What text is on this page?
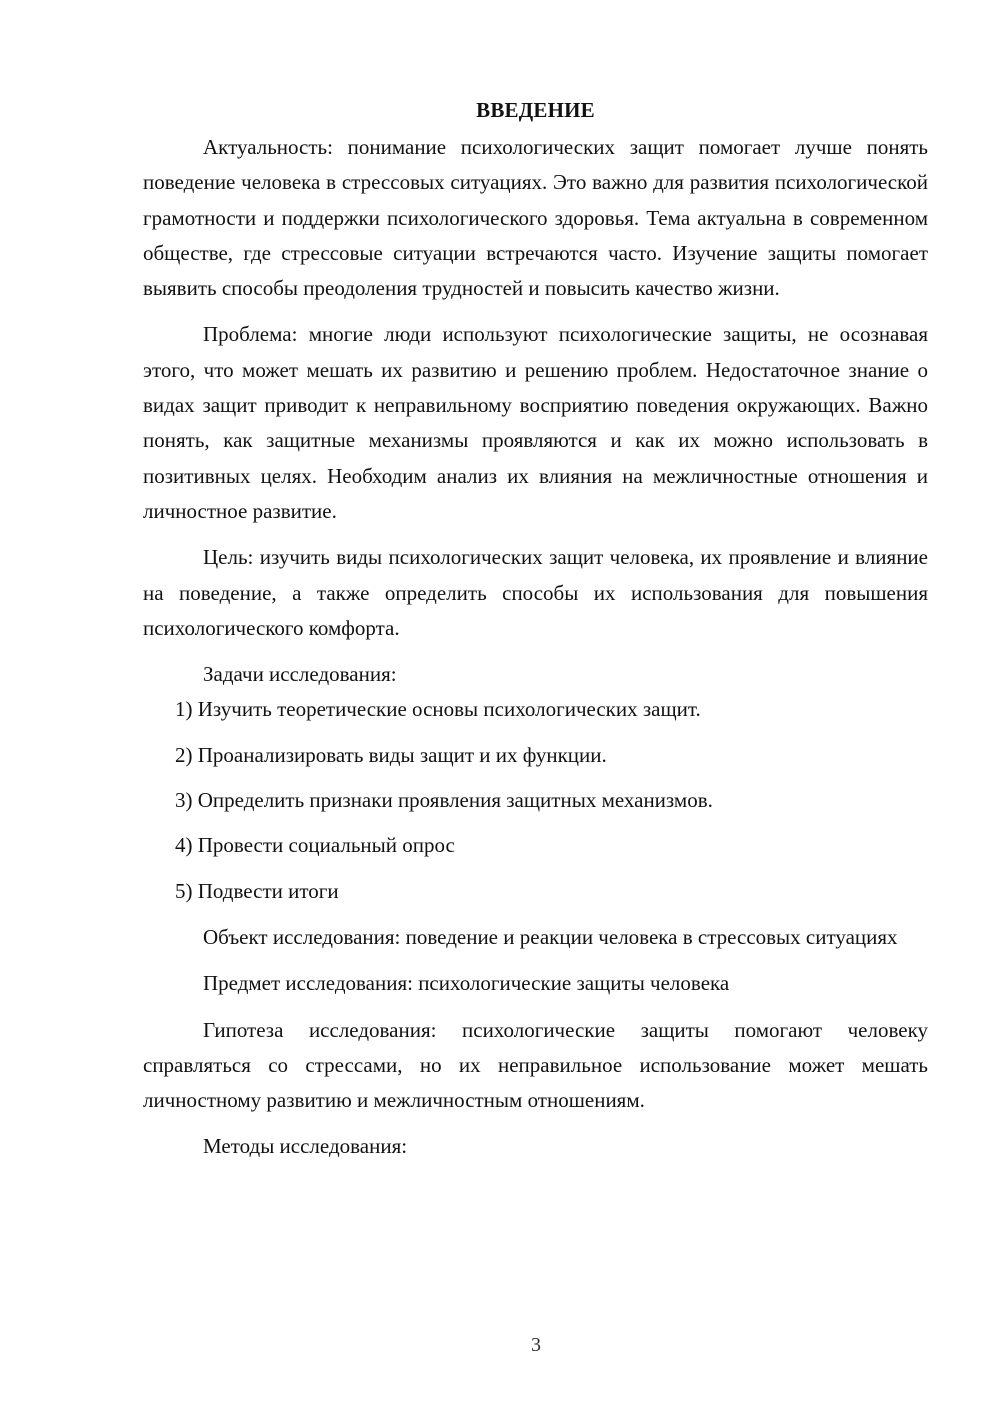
ВВЕДЕНИЕ

Актуальность: понимание психологических защит помогает лучше понять поведение человека в стрессовых ситуациях. Это важно для развития психологической грамотности и поддержки психологического здоровья. Тема актуальна в современном обществе, где стрессовые ситуации встречаются часто. Изучение защиты помогает выявить способы преодоления трудностей и повысить качество жизни.

Проблема: многие люди используют психологические защиты, не осознавая этого, что может мешать их развитию и решению проблем. Недостаточное знание о видах защит приводит к неправильному восприятию поведения окружающих. Важно понять, как защитные механизмы проявляются и как их можно использовать в позитивных целях. Необходим анализ их влияния на межличностные отношения и личностное развитие.

Цель: изучить виды психологических защит человека, их проявление и влияние на поведение, а также определить способы их использования для повышения психологического комфорта.

Задачи исследования:

1) Изучить теоретические основы психологических защит.
2) Проанализировать виды защит и их функции.
3) Определить признаки проявления защитных механизмов.
4) Провести социальный опрос
5) Подвести итоги

Объект исследования: поведение и реакции человека в стрессовых ситуациях

Предмет исследования: психологические защиты человека

Гипотеза исследования: психологические защиты помогают человеку справляться со стрессами, но их неправильное использование может мешать личностному развитию и межличностным отношениям.

Методы исследования:

3
